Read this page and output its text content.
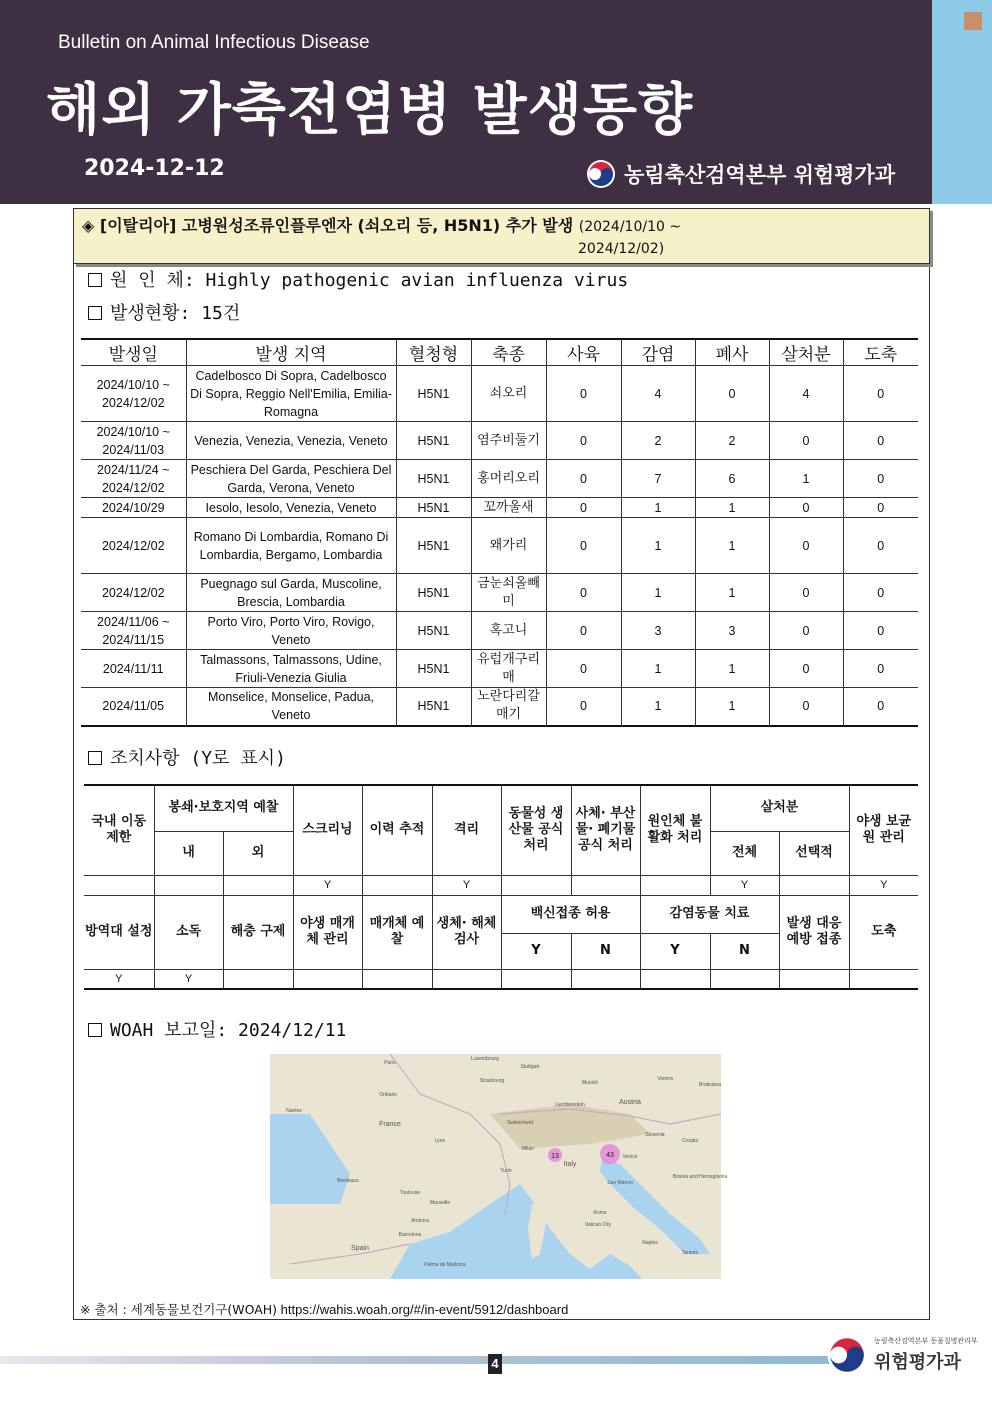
Bulletin on Animal Infectious Disease
해외 가축전염병 발생동향
2024-12-12	농림축산검역본부 위험평가과
◈ [이탈리아] 고병원성조류인플루엔자 (쇠오리 등, H5N1) 추가 발생 (2024/10/10 ~
2024/12/02)
원 인 체: Highly pathogenic avian influenza virus
발생현황: 15건
발생일	발생 지역	혈청형	축종	사육	감염	폐사	살처분	도축
2024/10/10 ~ 2024/12/02	Cadelbosco Di Sopra, Cadelbosco Di Sopra, Reggio Nell'Emilia, Emilia-Romagna	H5N1	쇠오리	0	4	0	4	0
2024/10/10 ~ 2024/11/03	Venezia, Venezia, Venezia, Veneto	H5N1	염주비둘기	0	2	2	0	0
2024/11/24 ~ 2024/12/02	Peschiera Del Garda, Peschiera Del Garda, Verona, Veneto	H5N1	홍머리오리	0	7	6	1	0
2024/10/29	Iesolo, Iesolo, Venezia, Veneto	H5N1	꼬까울새	0	1	1	0	0
2024/12/02	Romano Di Lombardia, Romano Di Lombardia, Bergamo, Lombardia	H5N1	왜가리	0	1	1	0	0
2024/12/02	Puegnago sul Garda, Muscoline, Brescia, Lombardia	H5N1	금눈쇠올빼미	0	1	1	0	0
2024/11/06 ~ 2024/11/15	Porto Viro, Porto Viro, Rovigo, Veneto	H5N1	혹고니	0	3	3	0	0
2024/11/11	Talmassons, Talmassons, Udine, Friuli-Venezia Giulia	H5N1	유럽개구리매	0	1	1	0	0
2024/11/05	Monselice, Monselice, Padua, Veneto	H5N1	노란다리갈매기	0	1	1	0	0
조치사항 (Y로 표시)
국내 이동 제한	봉쇄·보호지역 예찰		스크리닝	이력 추적	격리	동물성 생산물 공식 처리	사체· 부산물· 폐기물 공식 처리	원인체 불활화 처리	살처분		야생 보균원 관리
	내	외							전체	선택적	
			Y		Y				Y		Y
방역대 설정	소독	해충 구제	야생 매개체 관리	매개체 예찰	생체· 해체 검사	백신접종 허용		감염동물 치료		발생 대응 예방 접종	도축
						Y	N	Y	N		
Y	Y										
WOAH 보고일: 2024/12/11
13	43
Luxembourg
Stuttgart
Strasbourg	Munich
Vienna
Bratislava
Nantes
Orléans
Paris
France
Liechtenstein	Austria
Switzerland
Lyon
Milan
Venice
Slovenia
Croatia
Bordeaux
Turin
Italy
Toulouse
Marseille
San Marino
Bosnia and Herzegovina
Andorra
Barcelona
Spain
Rome
Naples
Vatican City
Palma de Mallorca
Taranto
※ 출처 : 세계동물보건기구(WOAH) https://wahis.woah.org/#/in-event/5912/dashboard
4
농림축산검역본부 동물질병관리부
위험평가과
